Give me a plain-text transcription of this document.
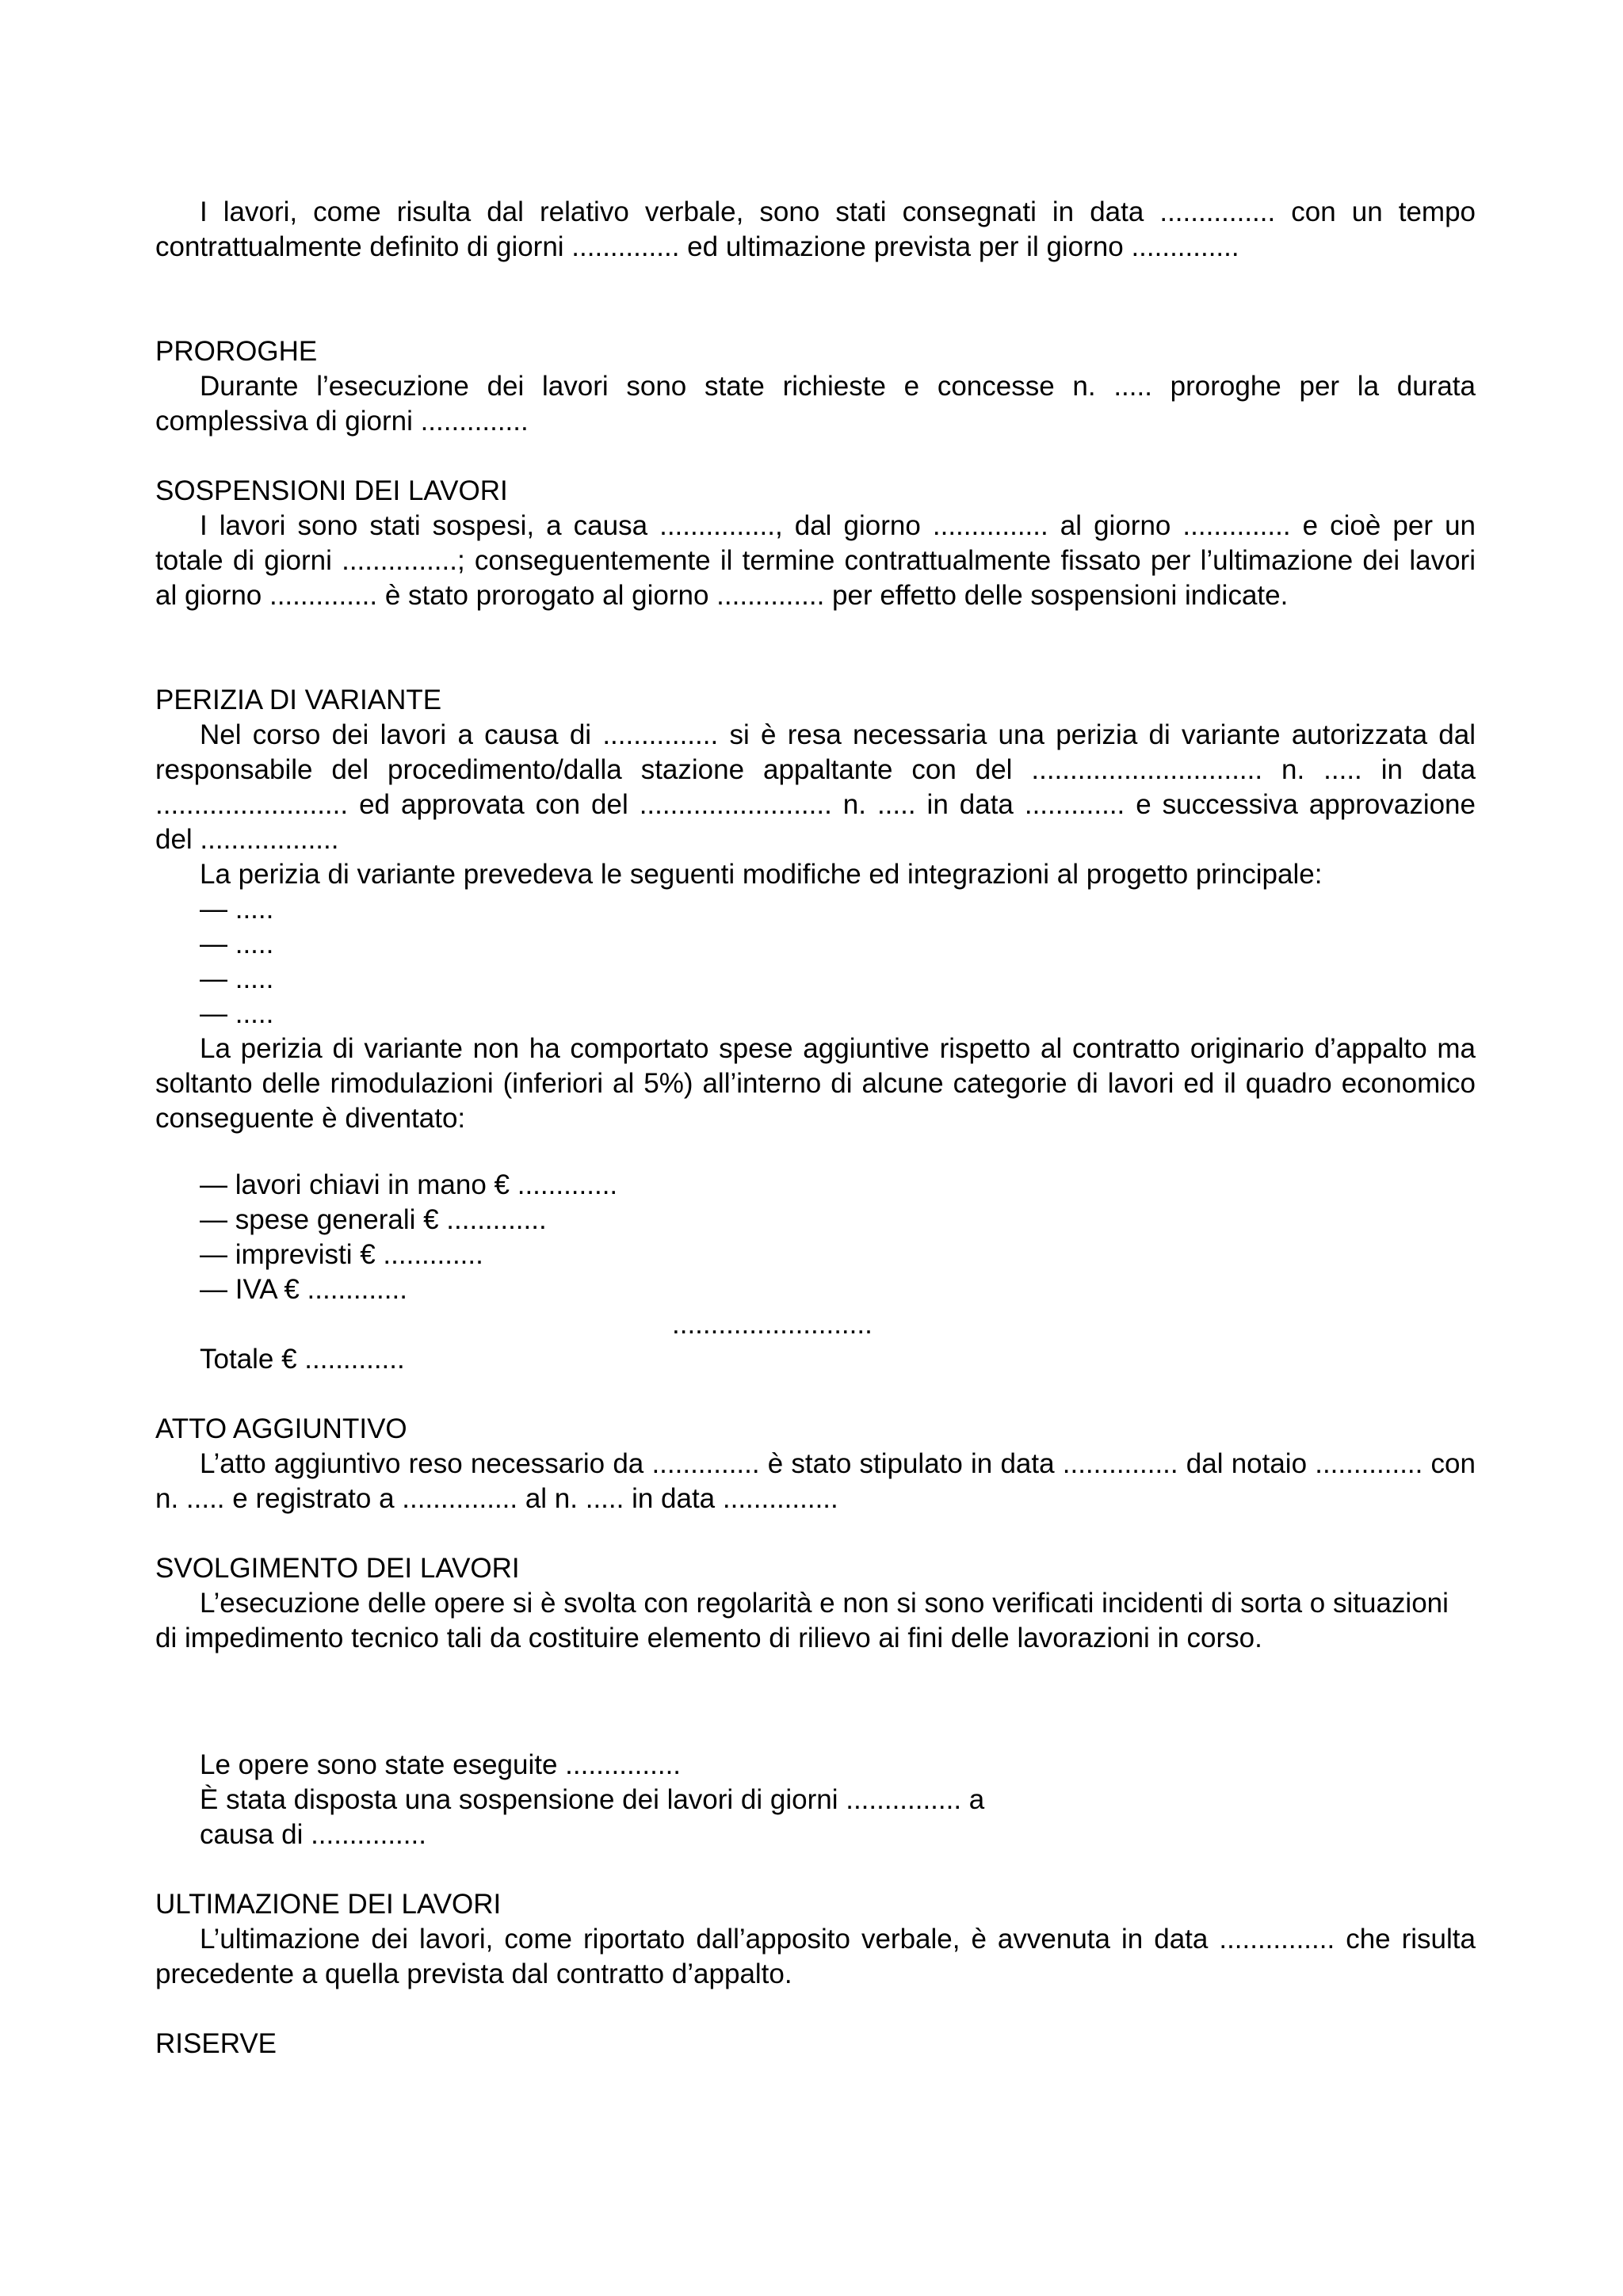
I lavori, come risulta dal relativo verbale, sono stati consegnati in data ............... con un tempo contrattualmente definito di giorni .............. ed ultimazione prevista per il giorno ..............

PROROGHE

Durante l’esecuzione dei lavori sono state richieste e concesse n. ..... proroghe per la durata complessiva di giorni ..............

SOSPENSIONI DEI LAVORI

I lavori sono stati sospesi, a causa ..............., dal giorno ............... al giorno .............. e cioè per un totale di giorni ...............; conseguentemente il termine contrattualmente fissato per l’ultimazione dei lavori al giorno .............. è stato prorogato al giorno .............. per effetto delle sospensioni indicate.

PERIZIA DI VARIANTE

Nel corso dei lavori a causa di ............... si è resa necessaria una perizia di variante autorizzata dal responsabile del procedimento/dalla stazione appaltante con del .............................. n. ..... in data ......................... ed approvata con del ......................... n. ..... in data ............. e successiva approvazione del ..................

La perizia di variante prevedeva le seguenti modifiche ed integrazioni al progetto principale:

— .....
— .....
— .....
— .....

La perizia di variante non ha comportato spese aggiuntive rispetto al contratto originario d’appalto ma soltanto delle rimodulazioni (inferiori al 5%) all’interno di alcune categorie di lavori ed il quadro economico conseguente è diventato:

— lavori chiavi in mano € .............
— spese generali € .............
— imprevisti € .............
— IVA € .............
..........................

Totale € .............

ATTO AGGIUNTIVO

L’atto aggiuntivo reso necessario da .............. è stato stipulato in data ............... dal notaio .............. con n. ..... e registrato a ............... al n. ..... in data ...............

SVOLGIMENTO DEI LAVORI

L’esecuzione delle opere si è svolta con regolarità e non si sono verificati incidenti di sorta o situazioni di impedimento tecnico tali da costituire elemento di rilievo ai fini delle lavorazioni in corso.

Le opere sono state eseguite ...............
È stata disposta una sospensione dei lavori di giorni ............... a
causa di ...............
ULTIMAZIONE DEI LAVORI

L’ultimazione dei lavori, come riportato dall’apposito verbale, è avvenuta in data ............... che risulta precedente a quella prevista dal contratto d’appalto.

RISERVE
